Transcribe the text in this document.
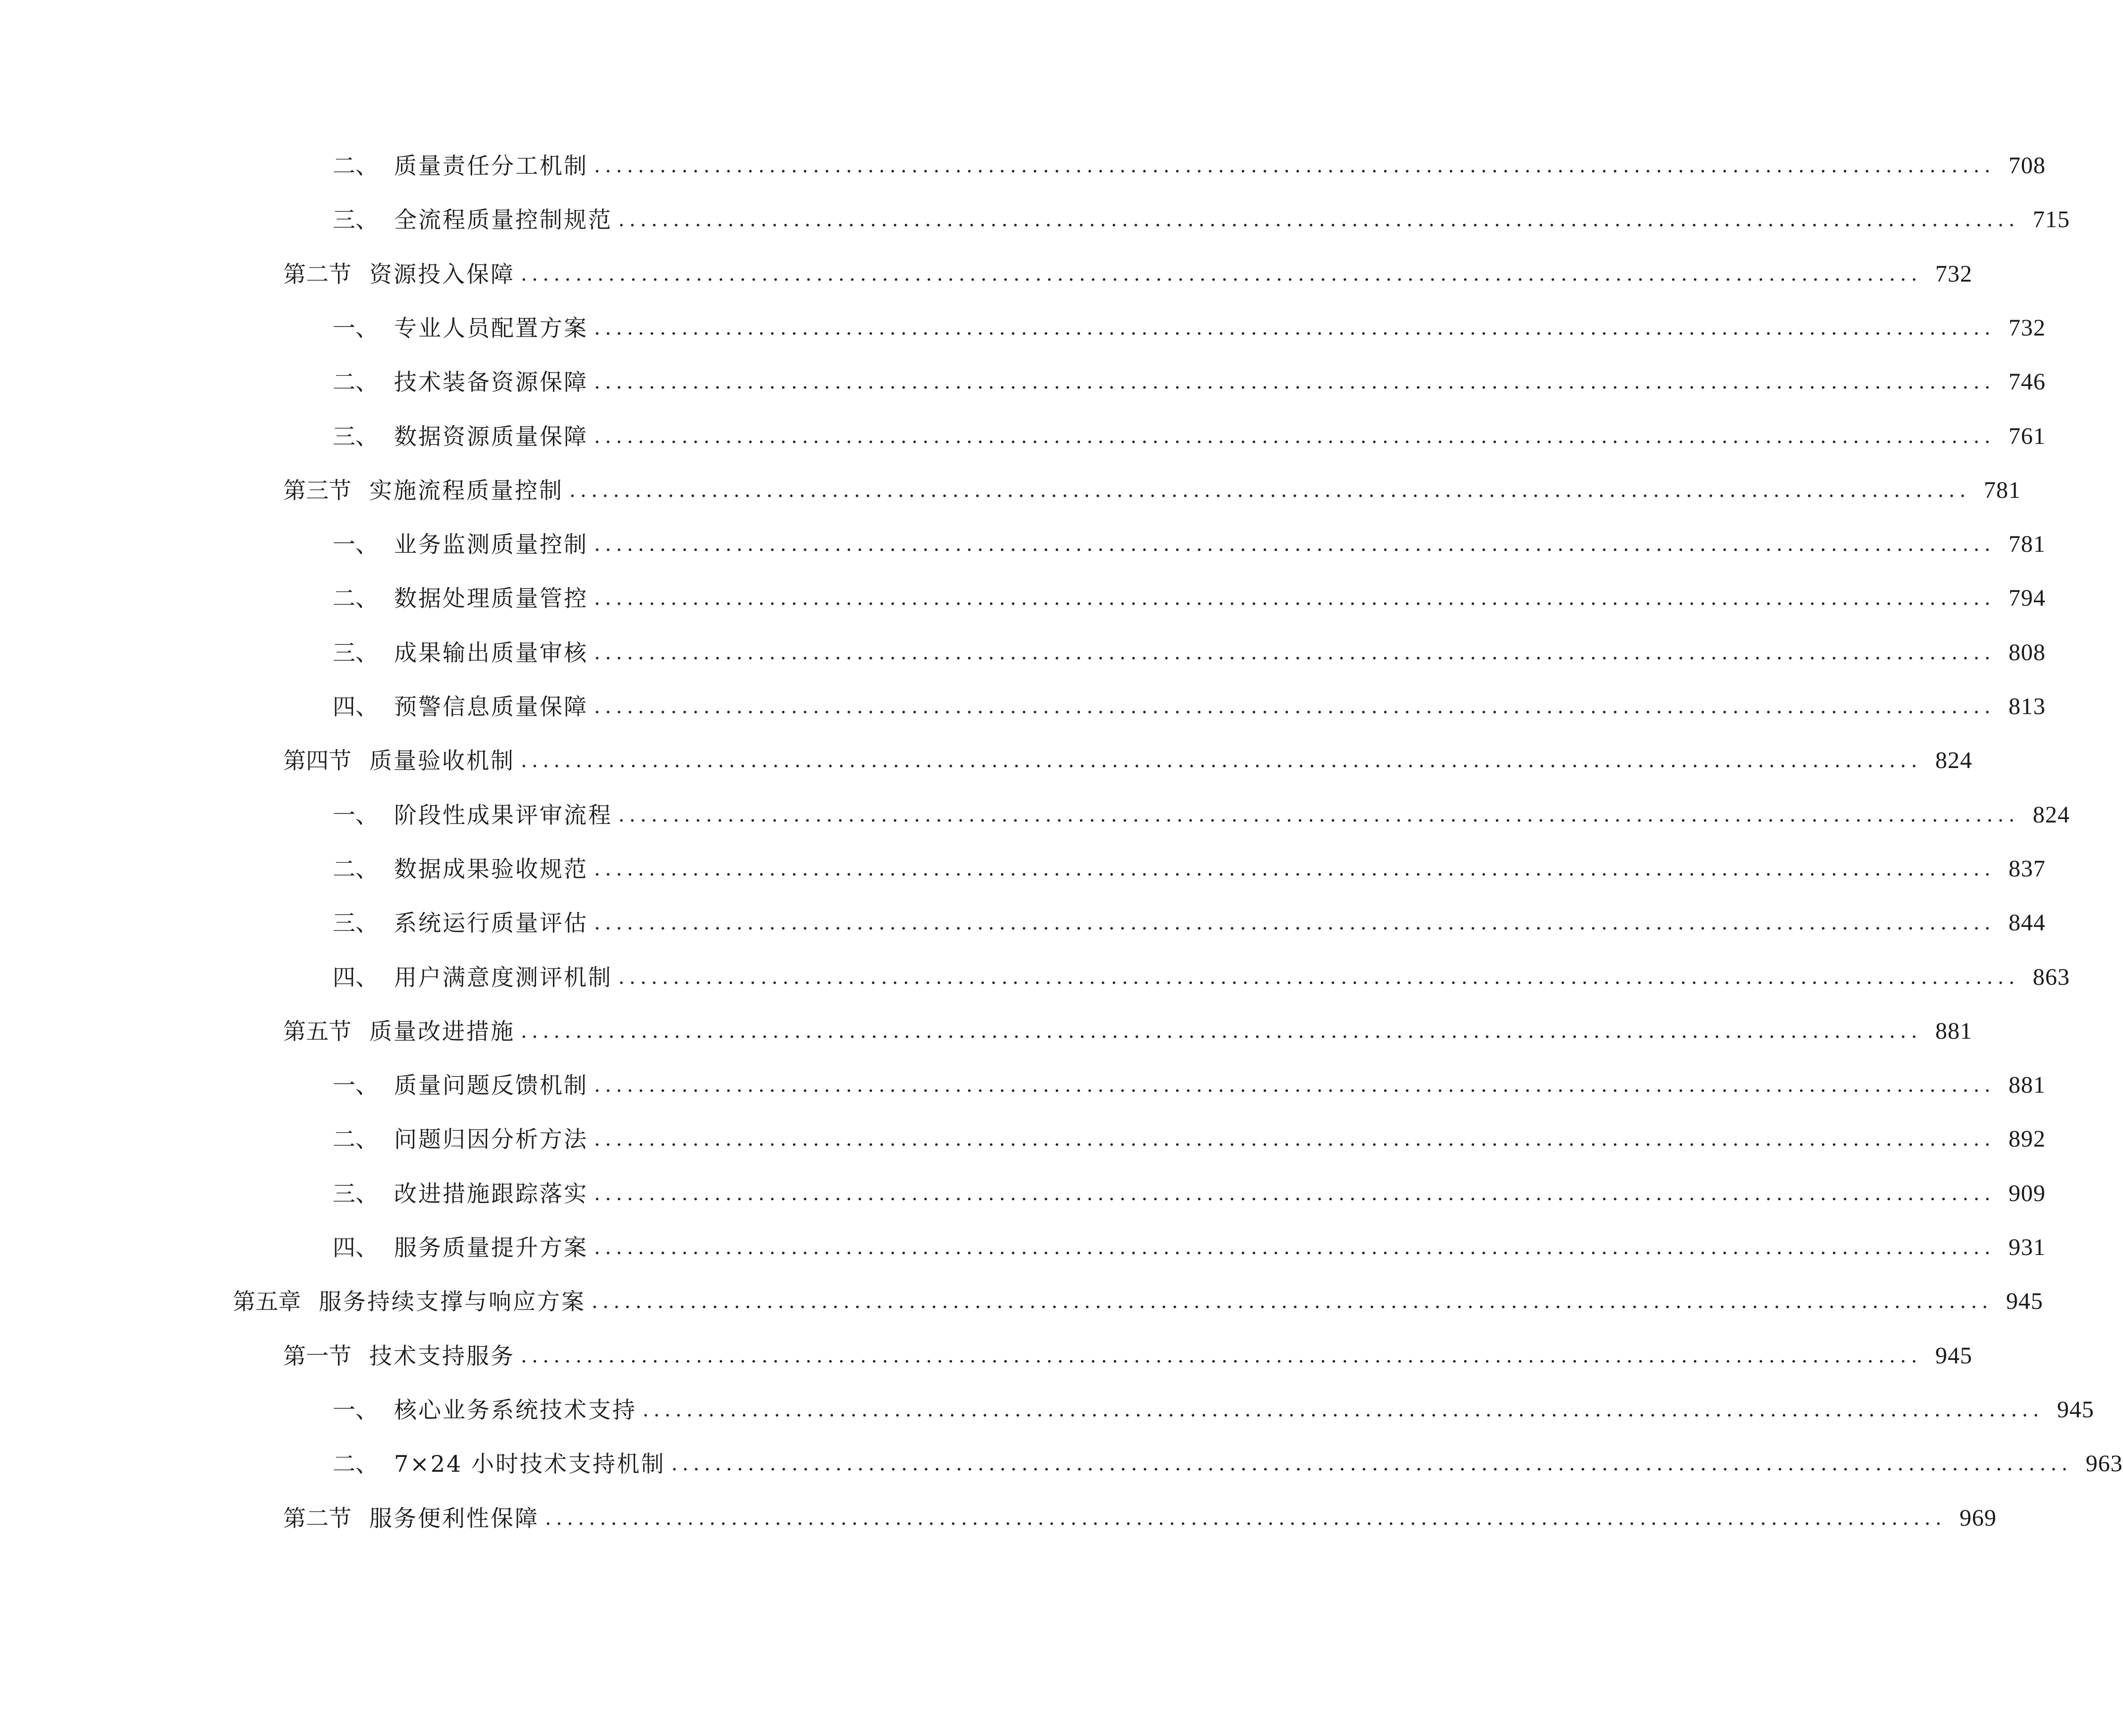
二、 质量责任分工机制 ................................................................................................................................ 708
三、 全流程质量控制规范 ................................................................................................................................ 715
第二节 资源投入保障 ................................................................................................................................ 732
一、 专业人员配置方案 ................................................................................................................................ 732
二、 技术装备资源保障 ................................................................................................................................ 746
三、 数据资源质量保障 ................................................................................................................................ 761
第三节 实施流程质量控制 ................................................................................................................................ 781
一、 业务监测质量控制 ................................................................................................................................ 781
二、 数据处理质量管控 ................................................................................................................................ 794
三、 成果输出质量审核 ................................................................................................................................ 808
四、 预警信息质量保障 ................................................................................................................................ 813
第四节 质量验收机制 ................................................................................................................................ 824
一、 阶段性成果评审流程 ................................................................................................................................ 824
二、 数据成果验收规范 ................................................................................................................................ 837
三、 系统运行质量评估 ................................................................................................................................ 844
四、 用户满意度测评机制 ................................................................................................................................ 863
第五节 质量改进措施 ................................................................................................................................ 881
一、 质量问题反馈机制 ................................................................................................................................ 881
二、 问题归因分析方法 ................................................................................................................................ 892
三、 改进措施跟踪落实 ................................................................................................................................ 909
四、 服务质量提升方案 ................................................................................................................................ 931
第五章 服务持续支撑与响应方案 ................................................................................................................................ 945
第一节 技术支持服务 ................................................................................................................................ 945
一、 核心业务系统技术支持 ................................................................................................................................ 945
二、 7×24 小时技术支持机制 ................................................................................................................................ 963
第二节 服务便利性保障 ................................................................................................................................ 969
